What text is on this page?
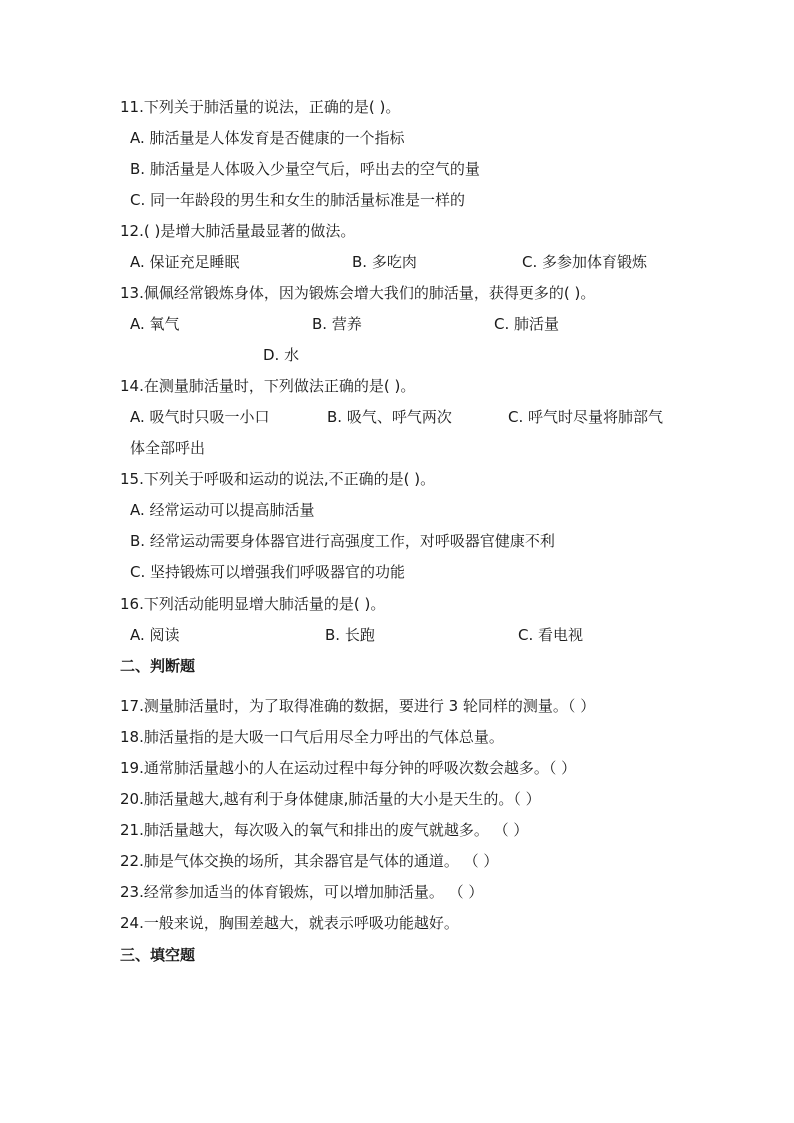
11.下列关于肺活量的说法，正确的是( )。
A. 肺活量是人体发育是否健康的一个指标
B. 肺活量是人体吸入少量空气后，呼出去的空气的量
C. 同一年龄段的男生和女生的肺活量标准是一样的
12.( )是增大肺活量最显著的做法。
A. 保证充足睡眠	B. 多吃肉	C. 多参加体育锻炼
13.佩佩经常锻炼身体，因为锻炼会增大我们的肺活量，获得更多的( )。
A. 氧气	B. 营养	C. 肺活量
D. 水
14.在测量肺活量时，下列做法正确的是( )。
A. 吸气时只吸一小口	B. 吸气、呼气两次	C. 呼气时尽量将肺部气
体全部呼出
15.下列关于呼吸和运动的说法,不正确的是( )。
A. 经常运动可以提高肺活量
B. 经常运动需要身体器官进行高强度工作，对呼吸器官健康不利
C. 坚持锻炼可以增强我们呼吸器官的功能
16.下列活动能明显增大肺活量的是( )。
A. 阅读	B. 长跑	C. 看电视
二、判断题
17.测量肺活量时，为了取得准确的数据，要进行 3 轮同样的测量。（ ）
18.肺活量指的是大吸一口气后用尽全力呼出的气体总量。
19.通常肺活量越小的人在运动过程中每分钟的呼吸次数会越多。（ ）
20.肺活量越大,越有利于身体健康,肺活量的大小是天生的。（ ）
21.肺活量越大，每次吸入的氧气和排出的废气就越多。 （ ）
22.肺是气体交换的场所，其余器官是气体的通道。 （ ）
23.经常参加适当的体育锻炼，可以增加肺活量。 （ ）
24.一般来说，胸围差越大，就表示呼吸功能越好。
三、填空题
